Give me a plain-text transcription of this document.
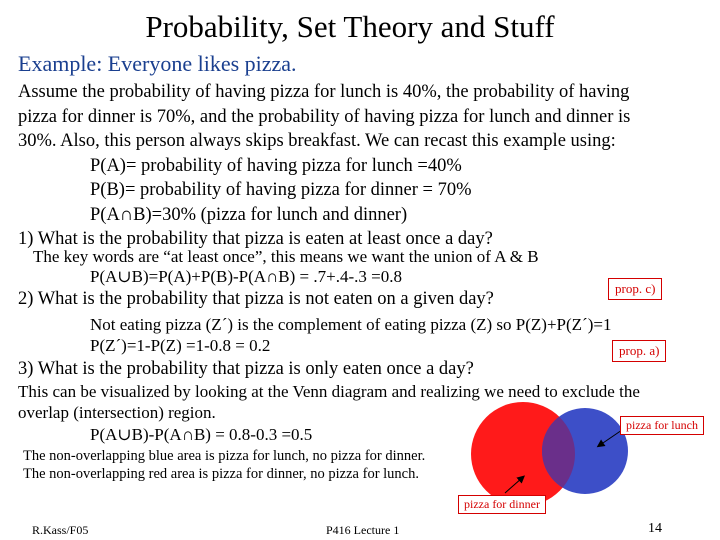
Probability, Set Theory and Stuff
Example: Everyone likes pizza.
Assume the probability of having pizza for lunch is 40%, the probability of having
pizza for dinner is 70%, and the probability of having pizza for lunch and dinner is
30%. Also, this person always skips breakfast. We can recast this example using:
P(A)= probability of having pizza for lunch =40%
P(B)= probability of having pizza for dinner = 70%
P(A∩B)=30% (pizza for lunch and dinner)
1) What is the probability that pizza is eaten at least once a day?
The key words are “at least once”, this means we want the union of A & B
P(A∪B)=P(A)+P(B)-P(A∩B) = .7+.4-.3 =0.8
prop. c)
2) What is the probability that pizza is not eaten on a given day?
Not eating pizza (Z´) is the complement of eating pizza (Z) so P(Z)+P(Z´)=1
P(Z´)=1-P(Z) =1-0.8 = 0.2	prop. a)
3) What is the probability that pizza is only eaten once a day?
This can be visualized by looking at the Venn diagram and realizing we need to exclude the
overlap (intersection) region.
P(A∪B)-P(A∩B) = 0.8-0.3 =0.5
The non-overlapping blue area is pizza for lunch, no pizza for dinner.
The non-overlapping red area is pizza for dinner, no pizza for lunch.
pizza for lunch
pizza for dinner
R.Kass/F05	P416 Lecture 1	14
